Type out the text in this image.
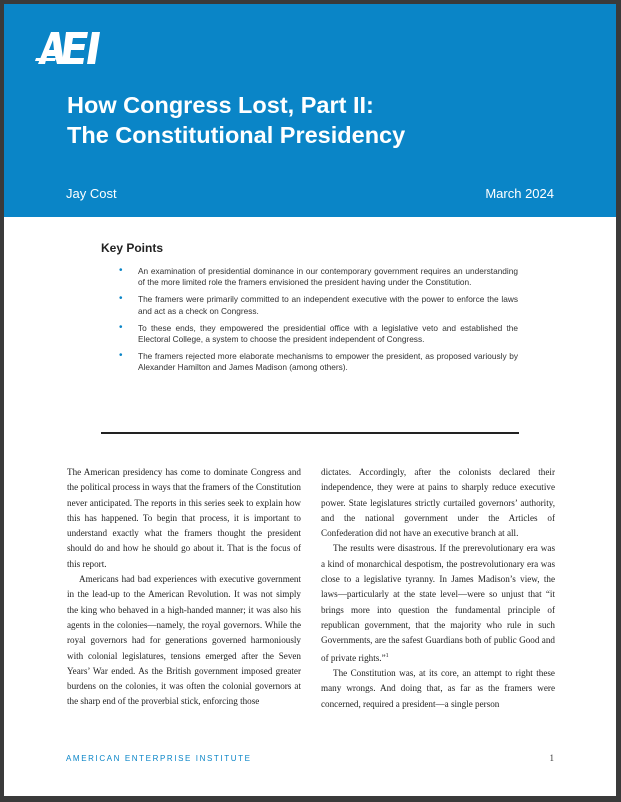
How Congress Lost, Part II:
The Constitutional Presidency
Jay Cost	March 2024
Key Points
• An examination of presidential dominance in our contemporary government requires an understanding of the more limited role the framers envisioned the president having under the Constitution.
• The framers were primarily committed to an independent executive with the power to enforce the laws and act as a check on Congress.
• To these ends, they empowered the presidential office with a legislative veto and established the Electoral College, a system to choose the president independent of Congress.
• The framers rejected more elaborate mechanisms to empower the president, as proposed variously by Alexander Hamilton and James Madison (among others).

The American presidency has come to dominate Congress and the political process in ways that the framers of the Constitution never anticipated. The reports in this series seek to explain how this has happened. To begin that process, it is important to understand exactly what the framers thought the president should do and how he should go about it. That is the focus of this report.

Americans had bad experiences with executive government in the lead-up to the American Revolution. It was not simply the king who behaved in a high-handed manner; it was also his agents in the colonies—namely, the royal governors. While the royal governors had for generations governed harmoniously with colonial legislatures, tensions emerged after the Seven Years’ War ended. As the British government imposed greater burdens on the colonies, it was often the colonial governors at the sharp end of the proverbial stick, enforcing those

dictates. Accordingly, after the colonists declared their independence, they were at pains to sharply reduce executive power. State legislatures strictly curtailed governors’ authority, and the national government under the Articles of Confederation did not have an executive branch at all.

The results were disastrous. If the prerevolutionary era was a kind of monarchical despotism, the postrevolutionary era was close to a legislative tyranny. In James Madison’s view, the laws—particularly at the state level—were so unjust that “it brings more into question the fundamental principle of republican government, that the majority who rule in such Governments, are the safest Guardians both of public Good and of private rights.”$^1$

The Constitution was, at its core, an attempt to right these many wrongs. And doing that, as far as the framers were concerned, required a president—a single person

AMERICAN ENTERPRISE INSTITUTE	1
